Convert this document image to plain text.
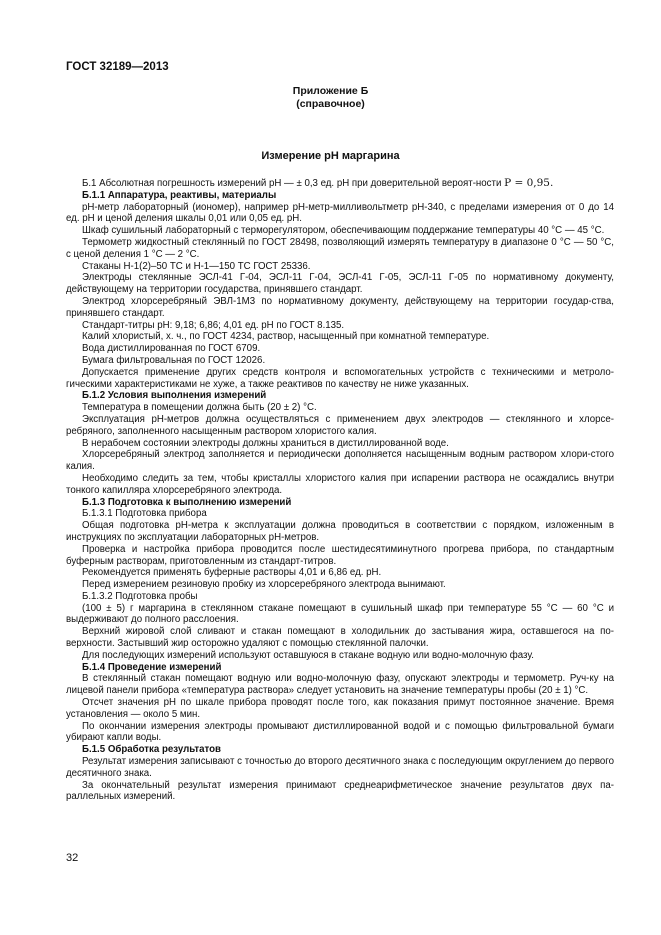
ГОСТ 32189—2013
Приложение Б
(справочное)
Измерение рН маргарина

Б.1 Абсолютная погрешность измерений рН — ± 0,3 ед. рН при доверительной вероят-ности P = 0,95.

Б.1.1 Аппаратура, реактивы, материалы

рН-метр лабораторный (иономер), например рН-метр-милливольтметр рН-340, с пределами измерения от 0 до 14 ед. рН и ценой деления шкалы 0,01 или 0,05 ед. рН.

Шкаф сушильный лабораторный с терморегулятором, обеспечивающим поддержание температуры 40 °С — 45 °С.

Термометр жидкостный стеклянный по ГОСТ 28498, позволяющий измерять температуру в диапазоне 0 °С — 50 °С, с ценой деления 1 °С — 2 °С.

Стаканы Н-1(2)–50 ТС и Н-1—150 ТС ГОСТ 25336.

Электроды стеклянные ЭСЛ-41 Г-04, ЭСЛ-11 Г-04, ЭСЛ-41 Г-05, ЭСЛ-11 Г-05 по нормативному документу, действующему на территории государства, принявшего стандарт.

Электрод хлорсеребряный ЭВЛ-1М3 по нормативному документу, действующему на территории государ-ства, принявшего стандарт.

Стандарт-титры рН: 9,18; 6,86; 4,01 ед. рН по ГОСТ 8.135.

Калий хлористый, х. ч., по ГОСТ 4234, раствор, насыщенный при комнатной температуре.

Вода дистиллированная по ГОСТ 6709.

Бумага фильтровальная по ГОСТ 12026.

Допускается применение других средств контроля и вспомогательных устройств с техническими и метроло-гическими характеристиками не хуже, а также реактивов по качеству не ниже указанных.

Б.1.2 Условия выполнения измерений

Температура в помещении должна быть (20 ± 2) °С.

Эксплуатация рН-метров должна осуществляться с применением двух электродов — стеклянного и хлорсе-ребряного, заполненного насыщенным раствором хлористого калия.

В нерабочем состоянии электроды должны храниться в дистиллированной воде.

Хлорсеребряный электрод заполняется и периодически дополняется насыщенным водным раствором хлори-стого калия.

Необходимо следить за тем, чтобы кристаллы хлористого калия при испарении раствора не осаждались внутри тонкого капилляра хлорсеребряного электрода.

Б.1.3 Подготовка к выполнению измерений

Б.1.3.1 Подготовка прибора

Общая подготовка рН-метра к эксплуатации должна проводиться в соответствии с порядком, изложенным в инструкциях по эксплуатации лабораторных рН-метров.

Проверка и настройка прибора проводится после шестидесятиминутного прогрева прибора, по стандартным буферным растворам, приготовленным из стандарт-титров.

Рекомендуется применять буферные растворы 4,01 и 6,86 ед. рН.

Перед измерением резиновую пробку из хлорсеребряного электрода вынимают.

Б.1.3.2 Подготовка пробы

(100 ± 5) г маргарина в стеклянном стакане помещают в сушильный шкаф при температуре 55 °С — 60 °С и выдерживают до полного расслоения.

Верхний жировой слой сливают и стакан помещают в холодильник до застывания жира, оставшегося на по-верхности. Застывший жир осторожно удаляют с помощью стеклянной палочки.

Для последующих измерений используют оставшуюся в стакане водную или водно-молочную фазу.

Б.1.4 Проведение измерений

В стеклянный стакан помещают водную или водно-молочную фазу, опускают электроды и термометр. Руч-ку на лицевой панели прибора «температура раствора» следует установить на значение температуры пробы (20 ± 1) °С.

Отсчет значения рН по шкале прибора проводят после того, как показания примут постоянное значение. Время установления — около 5 мин.

По окончании измерения электроды промывают дистиллированной водой и с помощью фильтровальной бумаги убирают капли воды.

Б.1.5 Обработка результатов

Результат измерения записывают с точностью до второго десятичного знака с последующим округлением до первого десятичного знака.

За окончательный результат измерения принимают среднеарифметическое значение результатов двух па-раллельных измерений.

32
